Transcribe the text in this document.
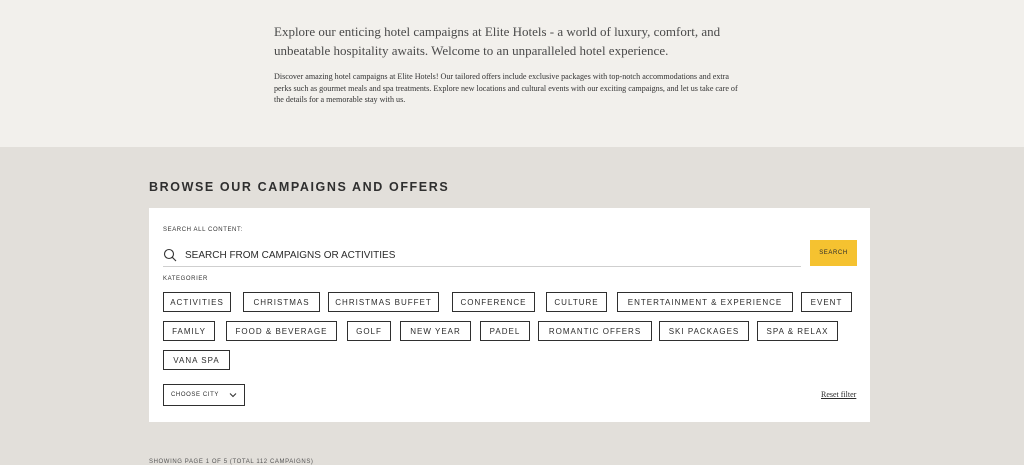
Explore our enticing hotel campaigns at Elite Hotels - a world of luxury, comfort, and unbeatable hospitality awaits. Welcome to an unparalleled hotel experience.

Discover amazing hotel campaigns at Elite Hotels! Our tailored offers include exclusive packages with top-notch accommodations and extra perks such as gourmet meals and spa treatments. Explore new locations and cultural events with our exciting campaigns, and let us take care of the details for a memorable stay with us.

BROWSE OUR CAMPAIGNS AND OFFERS
SEARCH ALL CONTENT:
SEARCH FROM CAMPAIGNS OR ACTIVITIES
SEARCH
KATEGORIER
ACTIVITIES	CHRISTMAS	CHRISTMAS BUFFET	CONFERENCE	CULTURE	ENTERTAINMENT & EXPERIENCE	EVENT
FAMILY	FOOD & BEVERAGE	GOLF	NEW YEAR	PADEL	ROMANTIC OFFERS	SKI PACKAGES	SPA & RELAX
VANA SPA
CHOOSE CITY	Reset filter
SHOWING PAGE 1 OF 5 (TOTAL 112 CAMPAIGNS)
